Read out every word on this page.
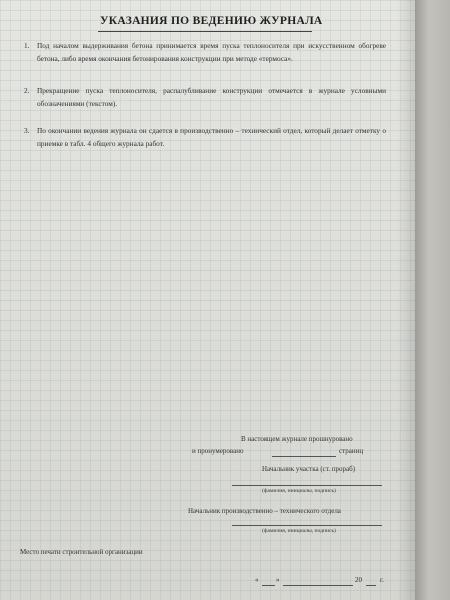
УКАЗАНИЯ ПО ВЕДЕНИЮ ЖУРНАЛА
1. Под началом выдерживания бетона принимается время пуска теплоносителя при искусственном обогреве бетона, либо время окончания бетонирования конструкции при методе «термоса».
2. Прекращение пуска теплоносителя, распалубливание конструкции отмечается в журнале условными обозначениями (текстом).
3. По окончании ведения журнала он сдается в производственно – технический отдел, который делает отметку о приемке в табл. 4 общего журнала работ.
В настоящем журнале прошнуровано
и пронумеровано	страниц
Начальник участка (ст. прораб)
(фамилия, инициалы, подпись)
Начальник производственно – технического отдела
(фамилия, инициалы, подпись)
Место печати строительной организации
«	»	20	г.
